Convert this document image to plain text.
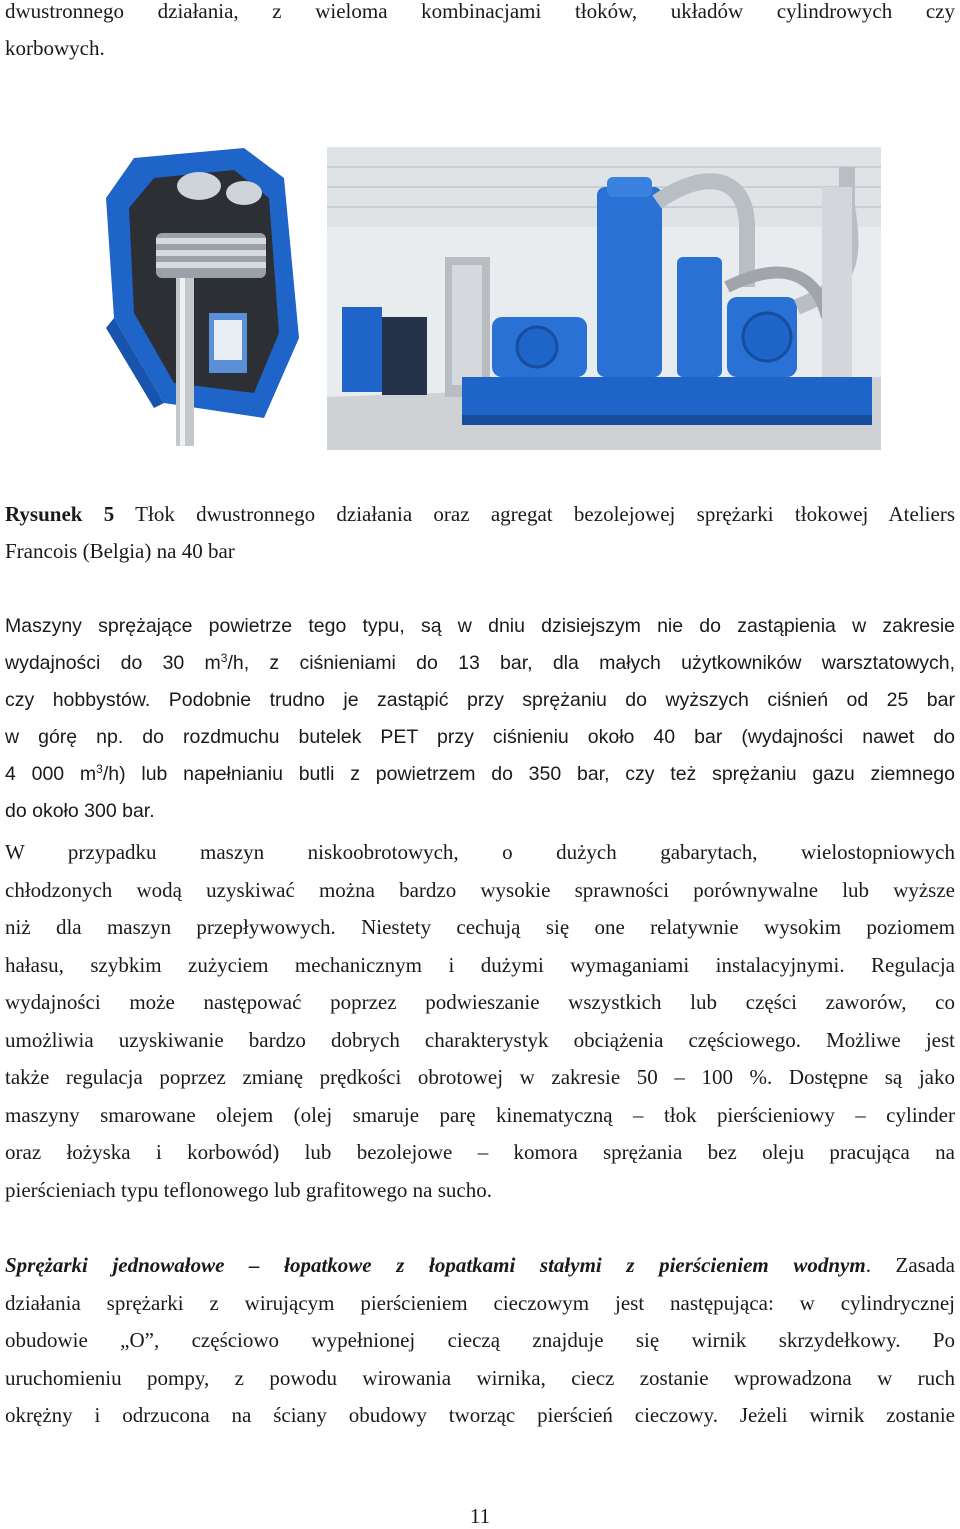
dwustronnego działania, z wieloma kombinacjami tłoków, układów cylindrowych czy
korbowych.
Rysunek 5 Tłok dwustronnego działania oraz agregat bezolejowej sprężarki tłokowej Ateliers
Francois (Belgia) na 40 bar
Maszyny sprężające powietrze tego typu, są w dniu dzisiejszym nie do zastąpienia w zakresie
wydajności do 30 $m^3/h$, z ciśnieniami do 13 bar, dla małych użytkowników warsztatowych,
czy hobbystów. Podobnie trudno je zastąpić przy sprężaniu do wyższych ciśnień od 25 bar
w górę np. do rozdmuchu butelek PET przy ciśnieniu około 40 bar (wydajności nawet do
4 000 $m^3/h$) lub napełnianiu butli z powietrzem do 350 bar, czy też sprężaniu gazu ziemnego
do około 300 bar.
W przypadku maszyn niskoobrotowych, o dużych gabarytach, wielostopniowych
chłodzonych wodą uzyskiwać można bardzo wysokie sprawności porównywalne lub wyższe
niż dla maszyn przepływowych. Niestety cechują się one relatywnie wysokim poziomem
hałasu, szybkim zużyciem mechanicznym i dużymi wymaganiami instalacyjnymi. Regulacja
wydajności może następować poprzez podwieszanie wszystkich lub części zaworów, co
umożliwia uzyskiwanie bardzo dobrych charakterystyk obciążenia częściowego. Możliwe jest
także regulacja poprzez zmianę prędkości obrotowej w zakresie 50 – 100 %. Dostępne są jako
maszyny smarowane olejem (olej smaruje parę kinematyczną – tłok pierścieniowy – cylinder
oraz łożyska i korbowód) lub bezolejowe – komora sprężania bez oleju pracująca na
pierścieniach typu teflonowego lub grafitowego na sucho.
Sprężarki jednowałowe – łopatkowe z łopatkami stałymi z pierścieniem wodnym. Zasada
działania sprężarki z wirującym pierścieniem cieczowym jest następująca: w cylindrycznej
obudowie „O”, częściowo wypełnionej cieczą znajduje się wirnik skrzydełkowy. Po
uruchomieniu pompy, z powodu wirowania wirnika, ciecz zostanie wprowadzona w ruch
okrężny i odrzucona na ściany obudowy tworząc pierścień cieczowy. Jeżeli wirnik zostanie
11
